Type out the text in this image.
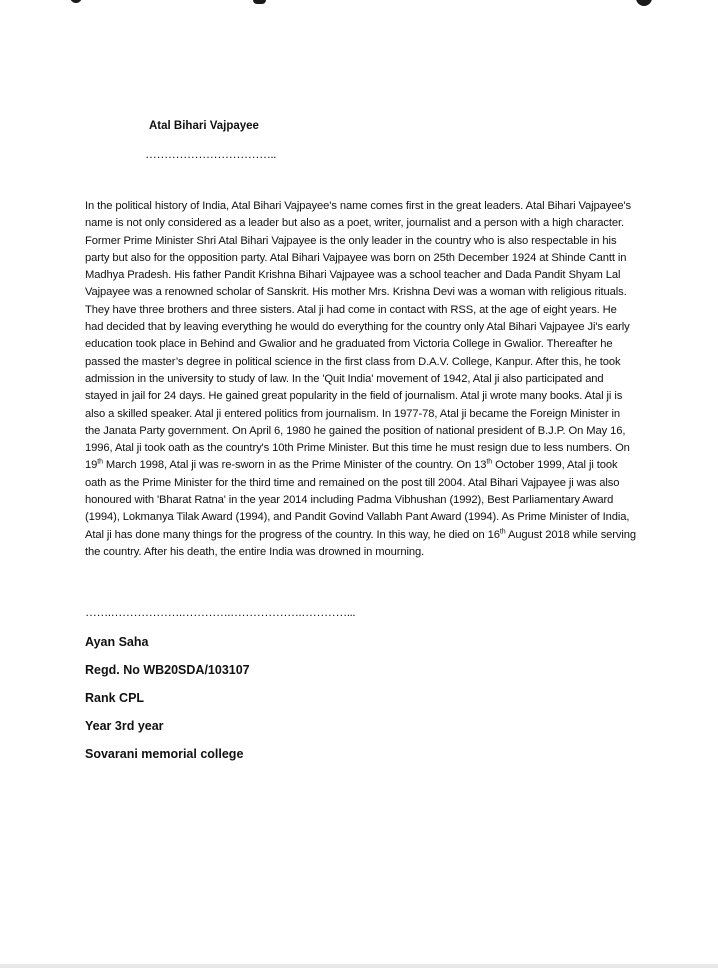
Atal Bihari Vajpayee
……………………………..

In the political history of India, Atal Bihari Vajpayee's name comes first in the great leaders. Atal Bihari Vajpayee's name is not only considered as a leader but also as a poet, writer, journalist and a person with a high character. Former Prime Minister Shri Atal Bihari Vajpayee is the only leader in the country who is also respectable in his party but also for the opposition party. Atal Bihari Vajpayee was born on 25th December 1924 at Shinde Cantt in Madhya Pradesh. His father Pandit Krishna Bihari Vajpayee was a school teacher and Dada Pandit Shyam Lal Vajpayee was a renowned scholar of Sanskrit. His mother Mrs. Krishna Devi was a woman with religious rituals. They have three brothers and three sisters. Atal ji had come in contact with RSS, at the age of eight years. He had decided that by leaving everything he would do everything for the country only Atal Bihari Vajpayee Ji's early education took place in Behind and Gwalior and he graduated from Victoria College in Gwalior. Thereafter he passed the master’s degree in political science in the first class from D.A.V. College, Kanpur. After this, he took admission in the university to study of law. In the 'Quit India' movement of 1942, Atal ji also participated and stayed in jail for 24 days. He gained great popularity in the field of journalism. Atal ji wrote many books. Atal ji is also a skilled speaker. Atal ji entered politics from journalism. In 1977-78, Atal ji became the Foreign Minister in the Janata Party government. On April 6, 1980 he gained the position of national president of B.J.P. On May 16, 1996, Atal ji took oath as the country's 10th Prime Minister. But this time he must resign due to less numbers. On 19th March 1998, Atal ji was re-sworn in as the Prime Minister of the country. On 13th October 1999, Atal ji took oath as the Prime Minister for the third time and remained on the post till 2004. Atal Bihari Vajpayee ji was also honoured with 'Bharat Ratna' in the year 2014 including Padma Vibhushan (1992), Best Parliamentary Award (1994), Lokmanya Tilak Award (1994), and Pandit Govind Vallabh Pant Award (1994). As Prime Minister of India, Atal ji has done many things for the progress of the country. In this way, he died on 16th August 2018 while serving the country. After his death, the entire India was drowned in mourning.

…….……………….………….……………….…………...

Ayan Saha

Regd. No WB20SDA/103107

Rank CPL

Year 3rd year

Sovarani memorial college
